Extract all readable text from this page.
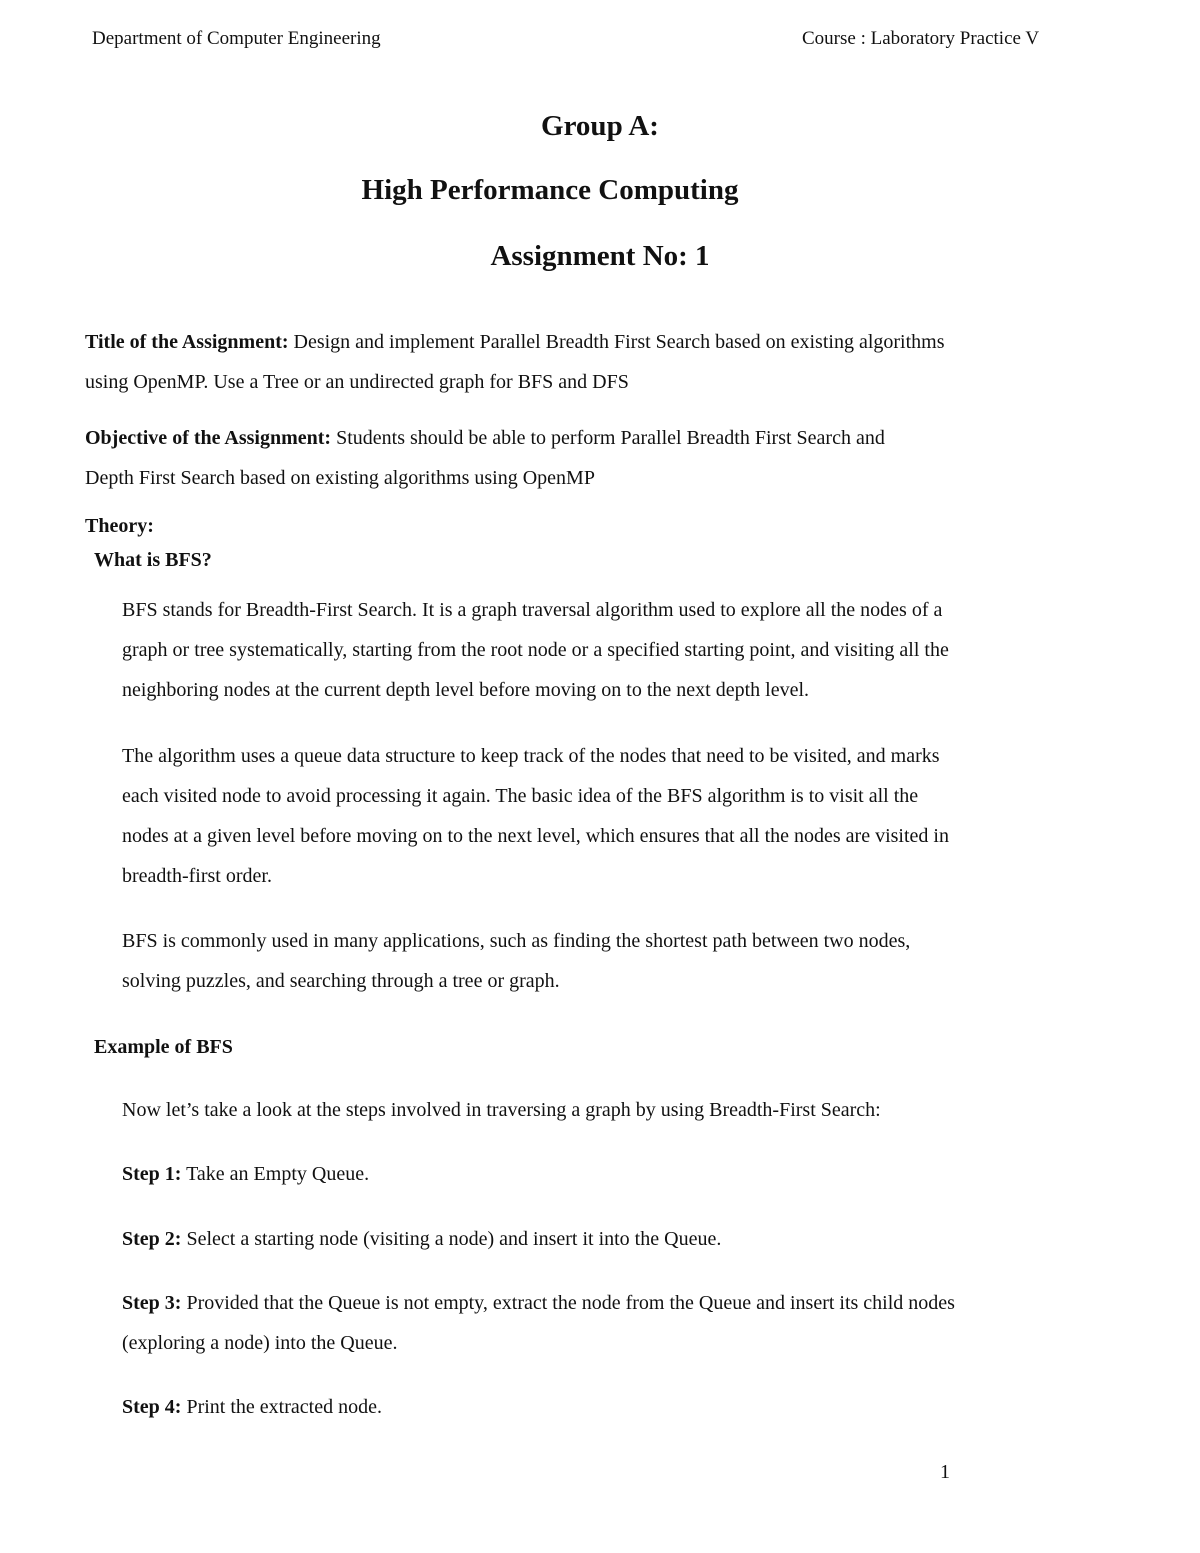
Department of Computer Engineering	Course : Laboratory Practice V
Group A:
High Performance Computing
Assignment No: 1
Title of the Assignment: Design and implement Parallel Breadth First Search based on existing algorithms
using OpenMP. Use a Tree or an undirected graph for BFS and DFS
Objective of the Assignment: Students should be able to perform Parallel Breadth First Search and
Depth First Search based on existing algorithms using OpenMP
Theory:
What is BFS?
BFS stands for Breadth-First Search. It is a graph traversal algorithm used to explore all the nodes of a
graph or tree systematically, starting from the root node or a specified starting point, and visiting all the
neighboring nodes at the current depth level before moving on to the next depth level.
The algorithm uses a queue data structure to keep track of the nodes that need to be visited, and marks
each visited node to avoid processing it again. The basic idea of the BFS algorithm is to visit all the
nodes at a given level before moving on to the next level, which ensures that all the nodes are visited in
breadth-first order.
BFS is commonly used in many applications, such as finding the shortest path between two nodes,
solving puzzles, and searching through a tree or graph.
Example of BFS
Now let’s take a look at the steps involved in traversing a graph by using Breadth-First Search:
Step 1: Take an Empty Queue.
Step 2: Select a starting node (visiting a node) and insert it into the Queue.
Step 3: Provided that the Queue is not empty, extract the node from the Queue and insert its child nodes
(exploring a node) into the Queue.
Step 4: Print the extracted node.
1
